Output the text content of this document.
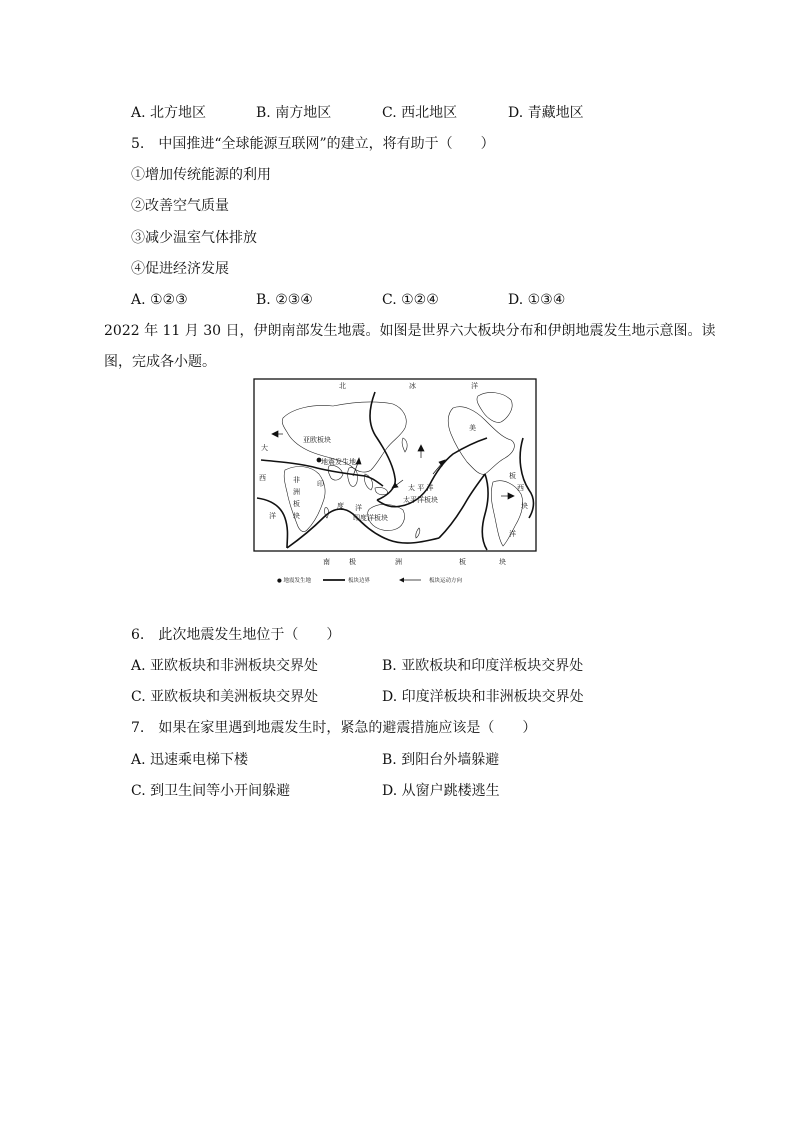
A. 北方地区	B. 南方地区	C. 西北地区	D. 青藏地区
5.　中国推进“全球能源互联网”的建立，将有助于（　　）
①增加传统能源的利用
②改善空气质量
③减少温室气体排放
④促进经济发展
A. ①②③	B. ②③④	C. ①②④	D. ①③④
2022 年 11 月 30 日，伊朗南部发生地震。如图是世界六大板块分布和伊朗地震发生地示意图。读
图，完成各小题。
北	冰	洋
亚欧板块
地震发生地
非
洲
板
块
印
度 洋
印度洋板块
太 平 洋
太平洋板块
大
西
洋
美
板
块
西
洋
南	极	洲	板	块
● 地震发生地	板块边界	板块运动方向
6.　此次地震发生地位于（　　）
A. 亚欧板块和非洲板块交界处	B. 亚欧板块和印度洋板块交界处
C. 亚欧板块和美洲板块交界处	D. 印度洋板块和非洲板块交界处
7.　如果在家里遇到地震发生时，紧急的避震措施应该是（　　）
A. 迅速乘电梯下楼	B. 到阳台外墙躲避
C. 到卫生间等小开间躲避	D. 从窗户跳楼逃生
